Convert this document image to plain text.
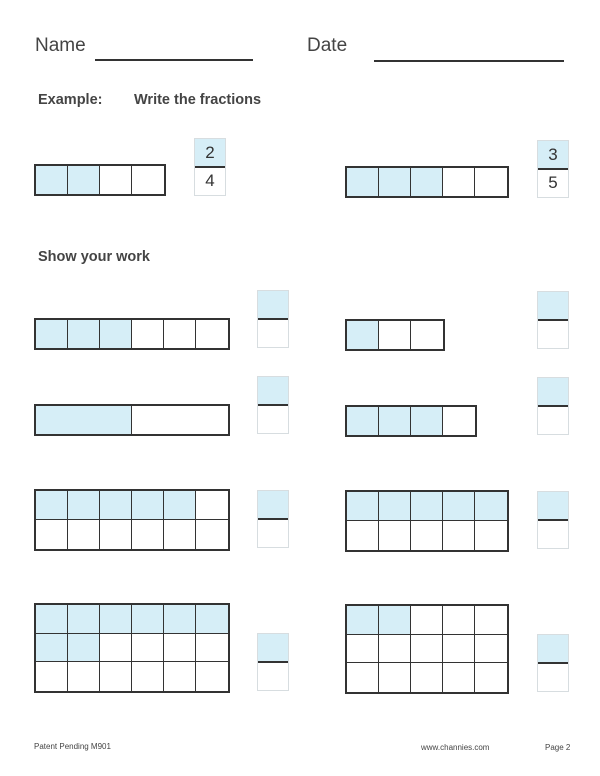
Name	Date
Example: Write the fractions
2
4
3
5
Show your work
Patent Pending M901	www.channies.com	Page 2
